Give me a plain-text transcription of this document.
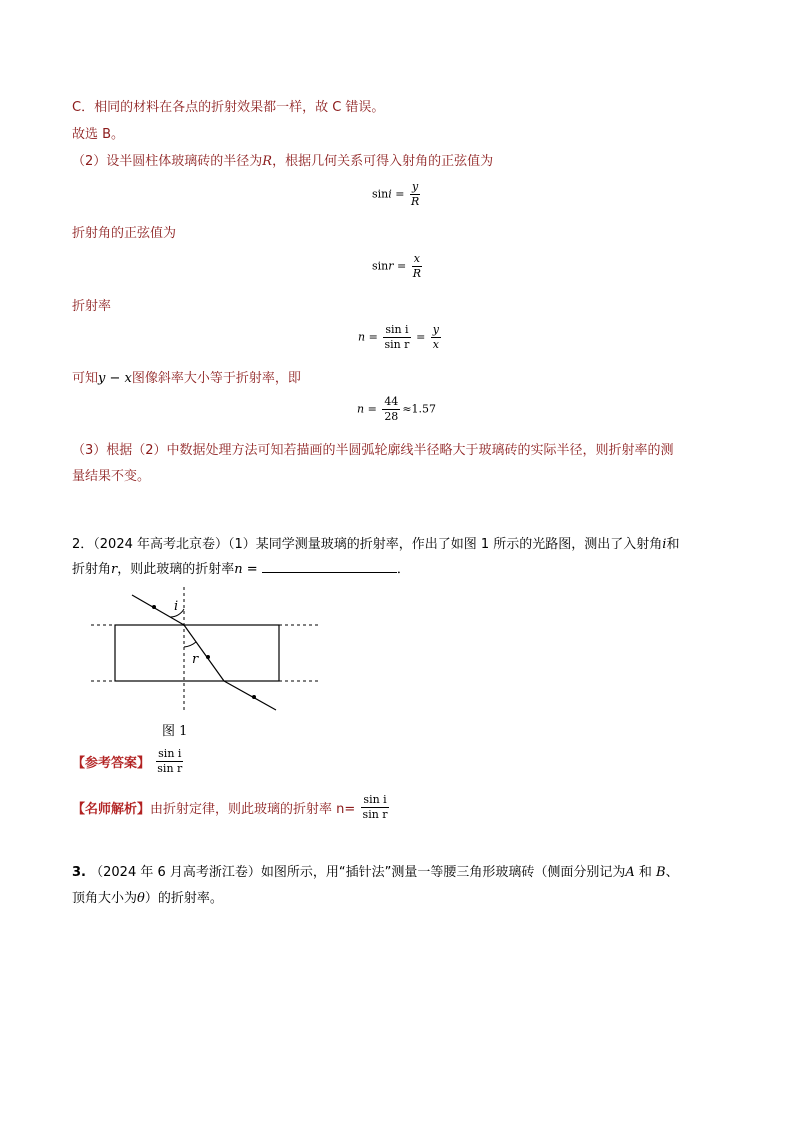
C．相同的材料在各点的折射效果都一样，故 C 错误。
故选 B。
（2）设半圆柱体玻璃砖的半径为R，根据几何关系可得入射角的正弦值为
$\sin i = \frac{y}{R}$
折射角的正弦值为
$\sin r = \frac{x}{R}$
折射率
$n = \frac{\text{sin i}}{\text{sin r}} = \frac{y}{x}$
可知y − x图像斜率大小等于折射率，即
$n = \frac{44}{28} \approx 1.57$
（3）根据（2）中数据处理方法可知若描画的半圆弧轮廓线半径略大于玻璃砖的实际半径，则折射率的测
量结果不变。
2．（2024 年高考北京卷）（1）某同学测量玻璃的折射率，作出了如图 1 所示的光路图，测出了入射角i和
折射角r，则此玻璃的折射率n =	．
i
r
图 1
【参考答案】 $\frac{\text{sin i}}{\text{sin r}}$
【名师解析】由折射定律，则此玻璃的折射率 $n= \frac{\text{sin i}}{\text{sin r}}$
3. （2024 年 6 月高考浙江卷）如图所示，用“插针法”测量一等腰三角形玻璃砖（侧面分别记为A 和 B、
顶角大小为θ）的折射率。
